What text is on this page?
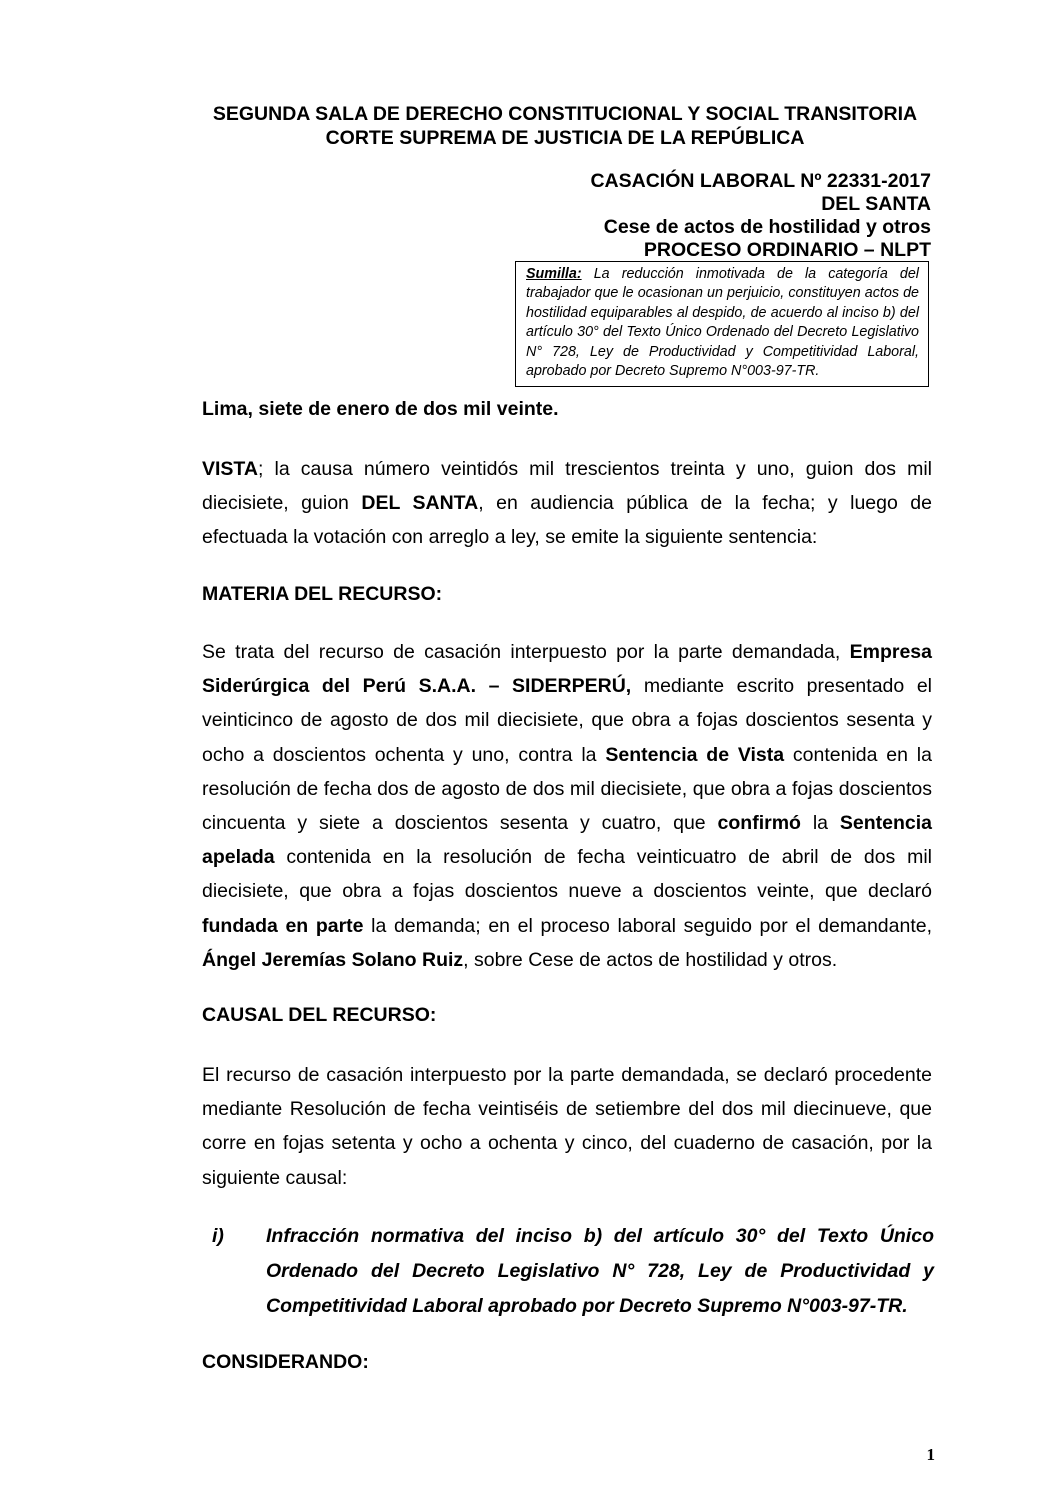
SEGUNDA SALA DE DERECHO CONSTITUCIONAL Y SOCIAL TRANSITORIA
CORTE SUPREMA DE JUSTICIA DE LA REPÚBLICA
CASACIÓN LABORAL Nº 22331-2017
DEL SANTA
Cese de actos de hostilidad y otros
PROCESO ORDINARIO – NLPT
Sumilla: La reducción inmotivada de la categoría del trabajador que le ocasionan un perjuicio, constituyen actos de hostilidad equiparables al despido, de acuerdo al inciso b) del artículo 30° del Texto Único Ordenado del Decreto Legislativo N° 728, Ley de Productividad y Competitividad Laboral, aprobado por Decreto Supremo N°003-97-TR.
Lima, siete de enero de dos mil veinte.
VISTA; la causa número veintidós mil trescientos treinta y uno, guion dos mil diecisiete, guion DEL SANTA, en audiencia pública de la fecha; y luego de efectuada la votación con arreglo a ley, se emite la siguiente sentencia:
MATERIA DEL RECURSO:
Se trata del recurso de casación interpuesto por la parte demandada, Empresa Siderúrgica del Perú S.A.A. – SIDERPERÚ, mediante escrito presentado el veinticinco de agosto de dos mil diecisiete, que obra a fojas doscientos sesenta y ocho a doscientos ochenta y uno, contra la Sentencia de Vista contenida en la resolución de fecha dos de agosto de dos mil diecisiete, que obra a fojas doscientos cincuenta y siete a doscientos sesenta y cuatro, que confirmó la Sentencia apelada contenida en la resolución de fecha veinticuatro de abril de dos mil diecisiete, que obra a fojas doscientos nueve a doscientos veinte, que declaró fundada en parte la demanda; en el proceso laboral seguido por el demandante, Ángel Jeremías Solano Ruiz, sobre Cese de actos de hostilidad y otros.
CAUSAL DEL RECURSO:
El recurso de casación interpuesto por la parte demandada, se declaró procedente mediante Resolución de fecha veintiséis de setiembre del dos mil diecinueve, que corre en fojas setenta y ocho a ochenta y cinco, del cuaderno de casación, por la siguiente causal:
i) Infracción normativa del inciso b) del artículo 30° del Texto Único Ordenado del Decreto Legislativo N° 728, Ley de Productividad y Competitividad Laboral aprobado por Decreto Supremo N°003-97-TR.
CONSIDERANDO:
1
